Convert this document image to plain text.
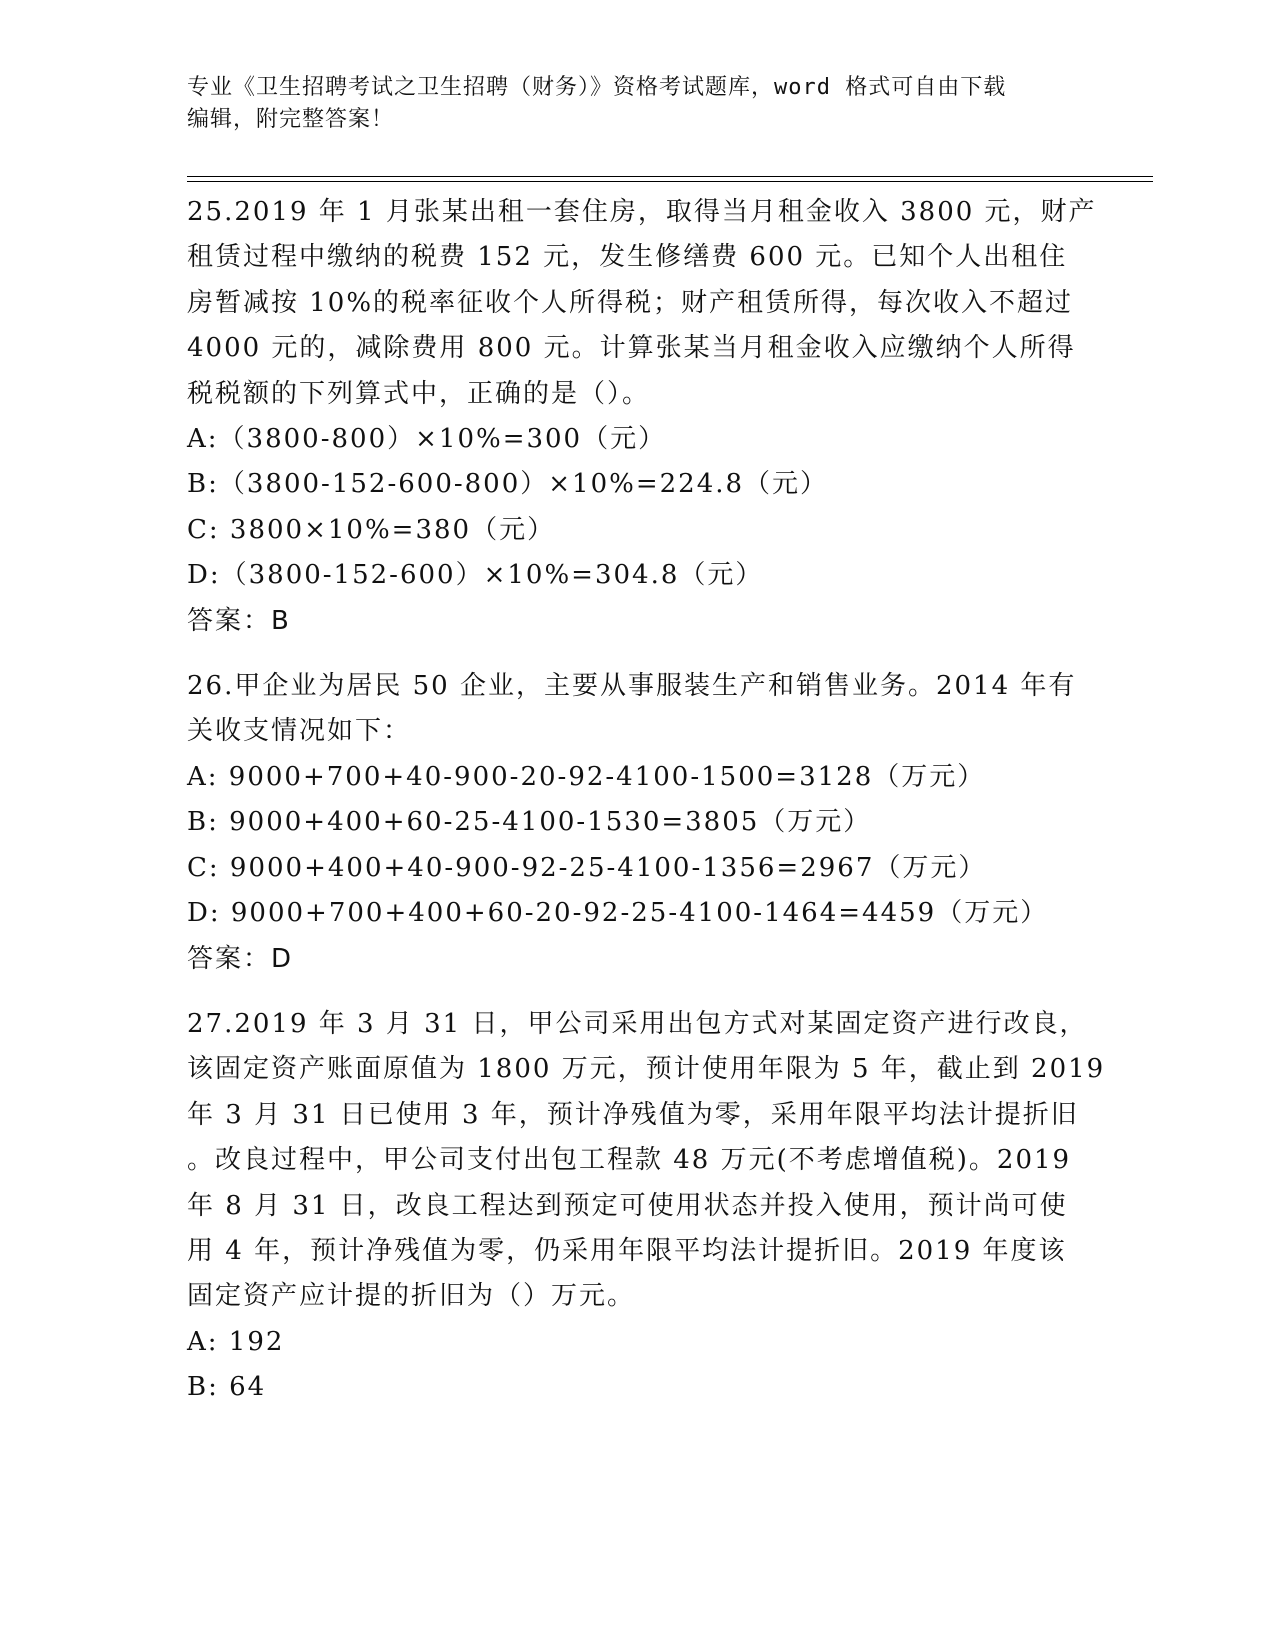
专业《卫生招聘考试之卫生招聘（财务）》资格考试题库，word 格式可自由下载
编辑，附完整答案！
25.2019 年 1 月张某出租一套住房，取得当月租金收入 3800 元，财产
租赁过程中缴纳的税费 152 元，发生修缮费 600 元。已知个人出租住
房暂减按 10%的税率征收个人所得税；财产租赁所得，每次收入不超过
4000 元的，减除费用 800 元。计算张某当月租金收入应缴纳个人所得
税税额的下列算式中，正确的是（）。
A:（3800-800）×10%=300（元）
B:（3800-152-600-800）×10%=224.8（元）
C: 3800×10%=380（元）
D:（3800-152-600）×10%=304.8（元）
答案：B
26.甲企业为居民 50 企业，主要从事服装生产和销售业务。2014 年有
关收支情况如下：
A: 9000+700+40-900-20-92-4100-1500=3128（万元）
B: 9000+400+60-25-4100-1530=3805（万元）
C: 9000+400+40-900-92-25-4100-1356=2967（万元）
D: 9000+700+400+60-20-92-25-4100-1464=4459（万元）
答案：D
27.2019 年 3 月 31 日，甲公司采用出包方式对某固定资产进行改良，
该固定资产账面原值为 1800 万元，预计使用年限为 5 年，截止到 2019
年 3 月 31 日已使用 3 年，预计净残值为零，采用年限平均法计提折旧
。改良过程中，甲公司支付出包工程款 48 万元(不考虑增值税)。2019
年 8 月 31 日，改良工程达到预定可使用状态并投入使用，预计尚可使
用 4 年，预计净残值为零，仍采用年限平均法计提折旧。2019 年度该
固定资产应计提的折旧为（）万元。
A: 192
B: 64
